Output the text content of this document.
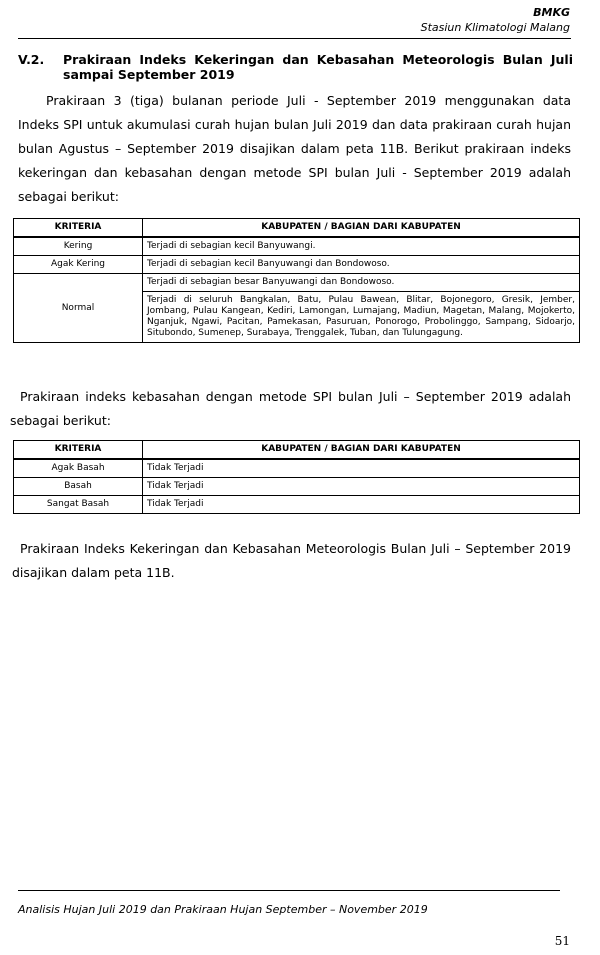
BMKG
Stasiun Klimatologi Malang
V.2. Prakiraan Indeks Kekeringan dan Kebasahan Meteorologis Bulan Juli sampai September 2019

Prakiraan 3 (tiga) bulanan periode Juli - September 2019 menggunakan data Indeks SPI untuk akumulasi curah hujan bulan Juli 2019 dan data prakiraan curah hujan bulan Agustus – September 2019 disajikan dalam peta 11B. Berikut prakiraan indeks kekeringan dan kebasahan dengan metode SPI bulan Juli - September 2019 adalah sebagai berikut:

KRITERIA	KABUPATEN / BAGIAN DARI KABUPATEN
Kering	Terjadi di sebagian kecil Banyuwangi.
Agak Kering	Terjadi di sebagian kecil Banyuwangi dan Bondowoso.
Normal	Terjadi di sebagian besar Banyuwangi dan Bondowoso.
	Terjadi di seluruh Bangkalan, Batu, Pulau Bawean, Blitar, Bojonegoro, Gresik, Jember, Jombang, Pulau Kangean, Kediri, Lamongan, Lumajang, Madiun, Magetan, Malang, Mojokerto, Nganjuk, Ngawi, Pacitan, Pamekasan, Pasuruan, Ponorogo, Probolinggo, Sampang, Sidoarjo, Situbondo, Sumenep, Surabaya, Trenggalek, Tuban, dan Tulungagung.

Prakiraan indeks kebasahan dengan metode SPI bulan Juli – September 2019 adalah sebagai berikut:

KRITERIA	KABUPATEN / BAGIAN DARI KABUPATEN
Agak Basah	Tidak Terjadi
Basah	Tidak Terjadi
Sangat Basah	Tidak Terjadi

Prakiraan Indeks Kekeringan dan Kebasahan Meteorologis Bulan Juli – September 2019 disajikan dalam peta 11B.

Analisis Hujan Juli 2019 dan Prakiraan Hujan September – November 2019
51
